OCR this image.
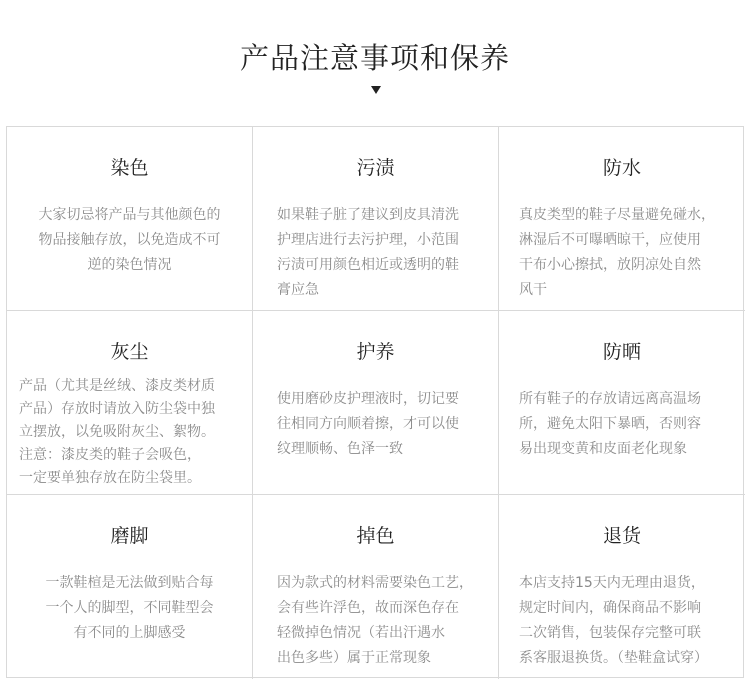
产品注意事项和保养
染色
大家切忌将产品与其他颜色的
物品接触存放，以免造成不可
逆的染色情况
污渍
如果鞋子脏了建议到皮具清洗
护理店进行去污护理，小范围
污渍可用颜色相近或透明的鞋
膏应急
防水
真皮类型的鞋子尽量避免碰水，
淋湿后不可曝晒晾干，应使用
干布小心擦拭，放阴凉处自然
风干
灰尘
产品（尤其是丝绒、漆皮类材质
产品）存放时请放入防尘袋中独
立摆放，以免吸附灰尘、絮物。
注意：漆皮类的鞋子会吸色，
一定要单独存放在防尘袋里。
护养
使用磨砂皮护理液时，切记要
往相同方向顺着擦，才可以使
纹理顺畅、色泽一致
防晒
所有鞋子的存放请远离高温场
所，避免太阳下暴晒，否则容
易出现变黄和皮面老化现象
磨脚
一款鞋楦是无法做到贴合每
一个人的脚型，不同鞋型会
有不同的上脚感受
掉色
因为款式的材料需要染色工艺，
会有些许浮色，故而深色存在
轻微掉色情况（若出汗遇水
出色多些）属于正常现象
退货
本店支持15天内无理由退货，
规定时间内，确保商品不影响
二次销售，包装保存完整可联
系客服退换货。（垫鞋盒试穿）
